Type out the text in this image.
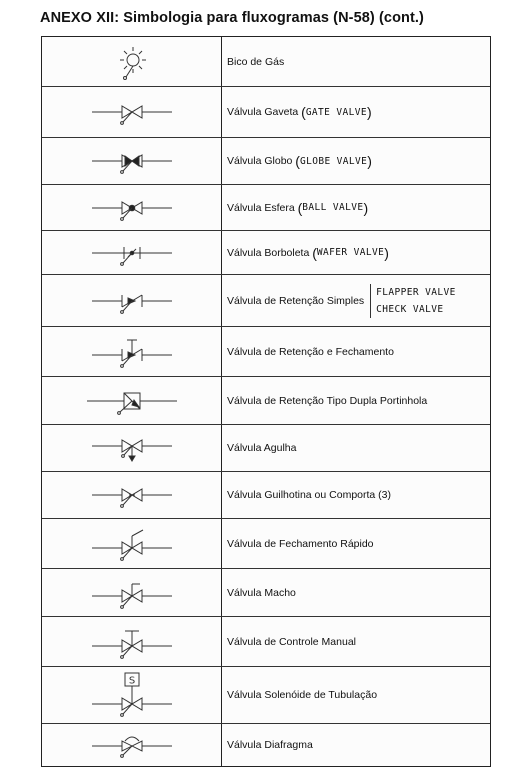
ANEXO XII: Simbologia para fluxogramas (N-58) (cont.)
Bico de Gás
Válvula Gaveta
( GATE VALVE )
Válvula Globo
( GLOBE VALVE )
Válvula Esfera
( BALL VALVE )
Válvula Borboleta
( WAFER VALVE )
Válvula de Retenção Simples
FLAPPER VALVE
CHECK VALVE
Válvula de Retenção e Fechamento
Válvula de Retenção Tipo Dupla Portinhola
Válvula Agulha
Válvula Guilhotina ou Comporta (3)
Válvula de Fechamento Rápido
Válvula Macho
Válvula de Controle Manual
S
Válvula Solenóide de Tubulação
Válvula Diafragma
